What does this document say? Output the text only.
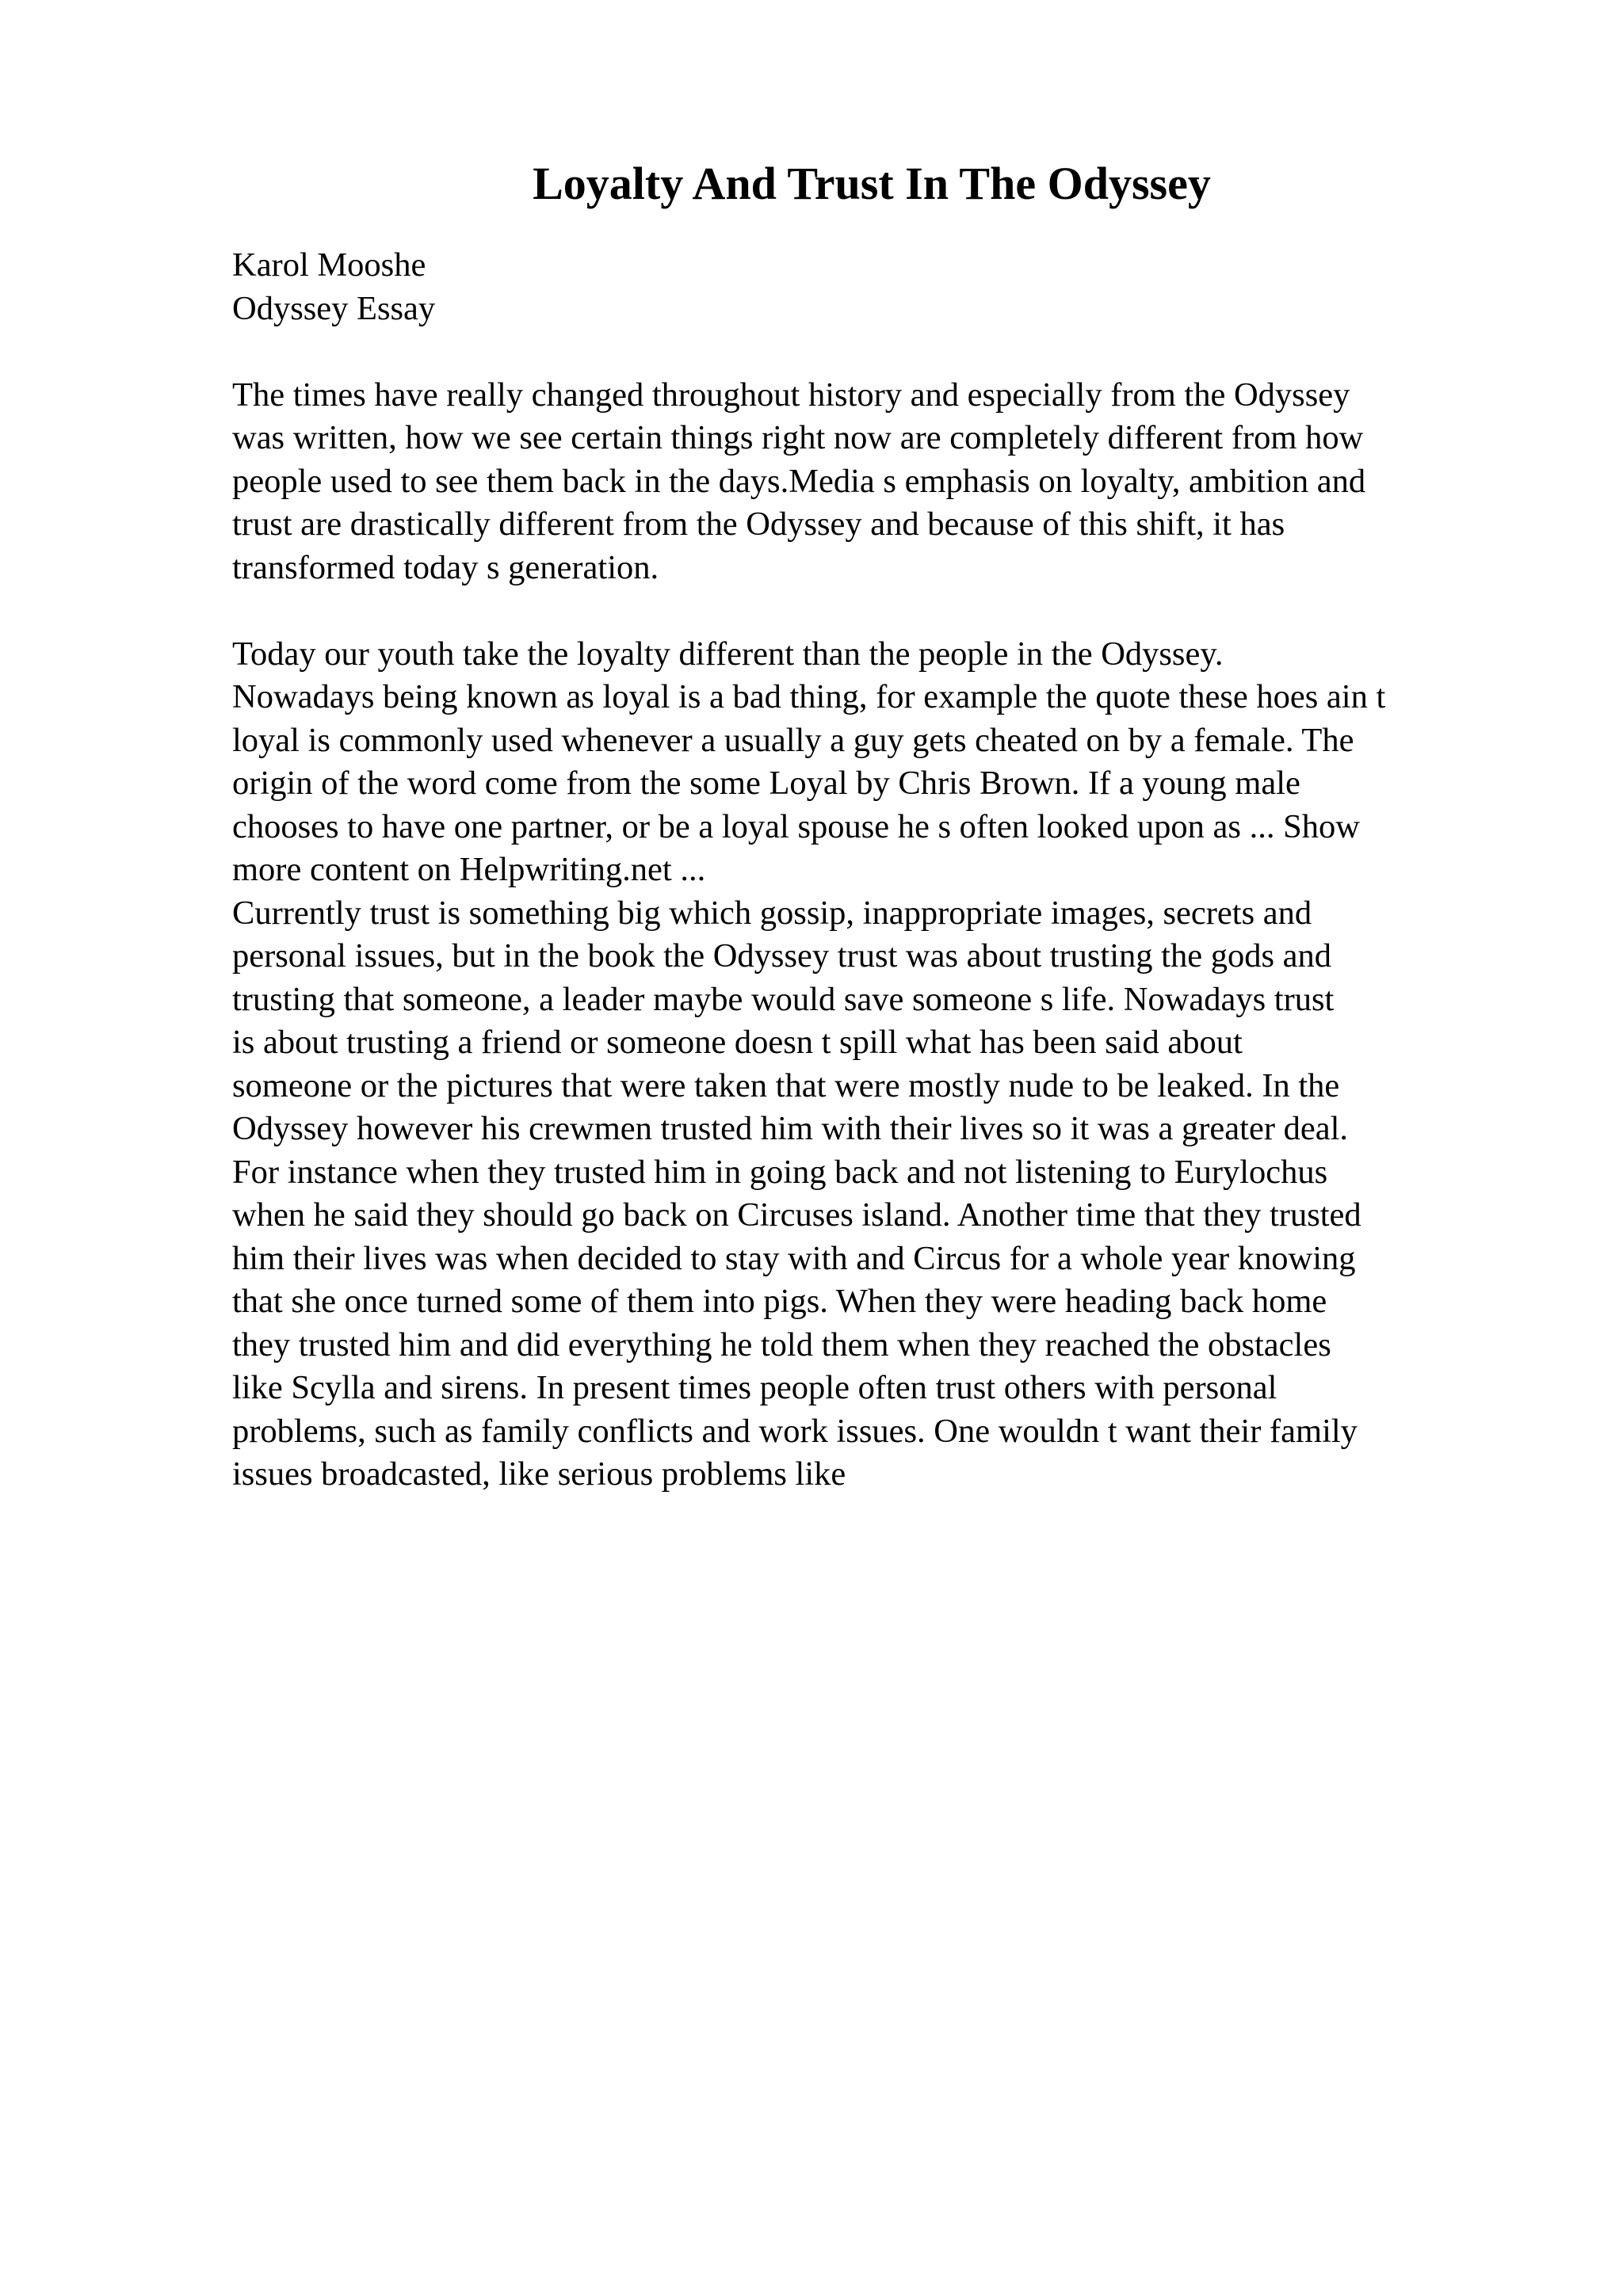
Loyalty And Trust In The Odyssey
Karol Mooshe
Odyssey Essay
The times have really changed throughout history and especially from the Odyssey
was written, how we see certain things right now are completely different from how
people used to see them back in the days.Media s emphasis on loyalty, ambition and
trust are drastically different from the Odyssey and because of this shift, it has
transformed today s generation.
Today our youth take the loyalty different than the people in the Odyssey.
Nowadays being known as loyal is a bad thing, for example the quote these hoes ain t
loyal is commonly used whenever a usually a guy gets cheated on by a female. The
origin of the word come from the some Loyal by Chris Brown. If a young male
chooses to have one partner, or be a loyal spouse he s often looked upon as ... Show
more content on Helpwriting.net ...
Currently trust is something big which gossip, inappropriate images, secrets and
personal issues, but in the book the Odyssey trust was about trusting the gods and
trusting that someone, a leader maybe would save someone s life. Nowadays trust
is about trusting a friend or someone doesn t spill what has been said about
someone or the pictures that were taken that were mostly nude to be leaked. In the
Odyssey however his crewmen trusted him with their lives so it was a greater deal.
For instance when they trusted him in going back and not listening to Eurylochus
when he said they should go back on Circuses island. Another time that they trusted
him their lives was when decided to stay with and Circus for a whole year knowing
that she once turned some of them into pigs. When they were heading back home
they trusted him and did everything he told them when they reached the obstacles
like Scylla and sirens. In present times people often trust others with personal
problems, such as family conflicts and work issues. One wouldn t want their family
issues broadcasted, like serious problems like
